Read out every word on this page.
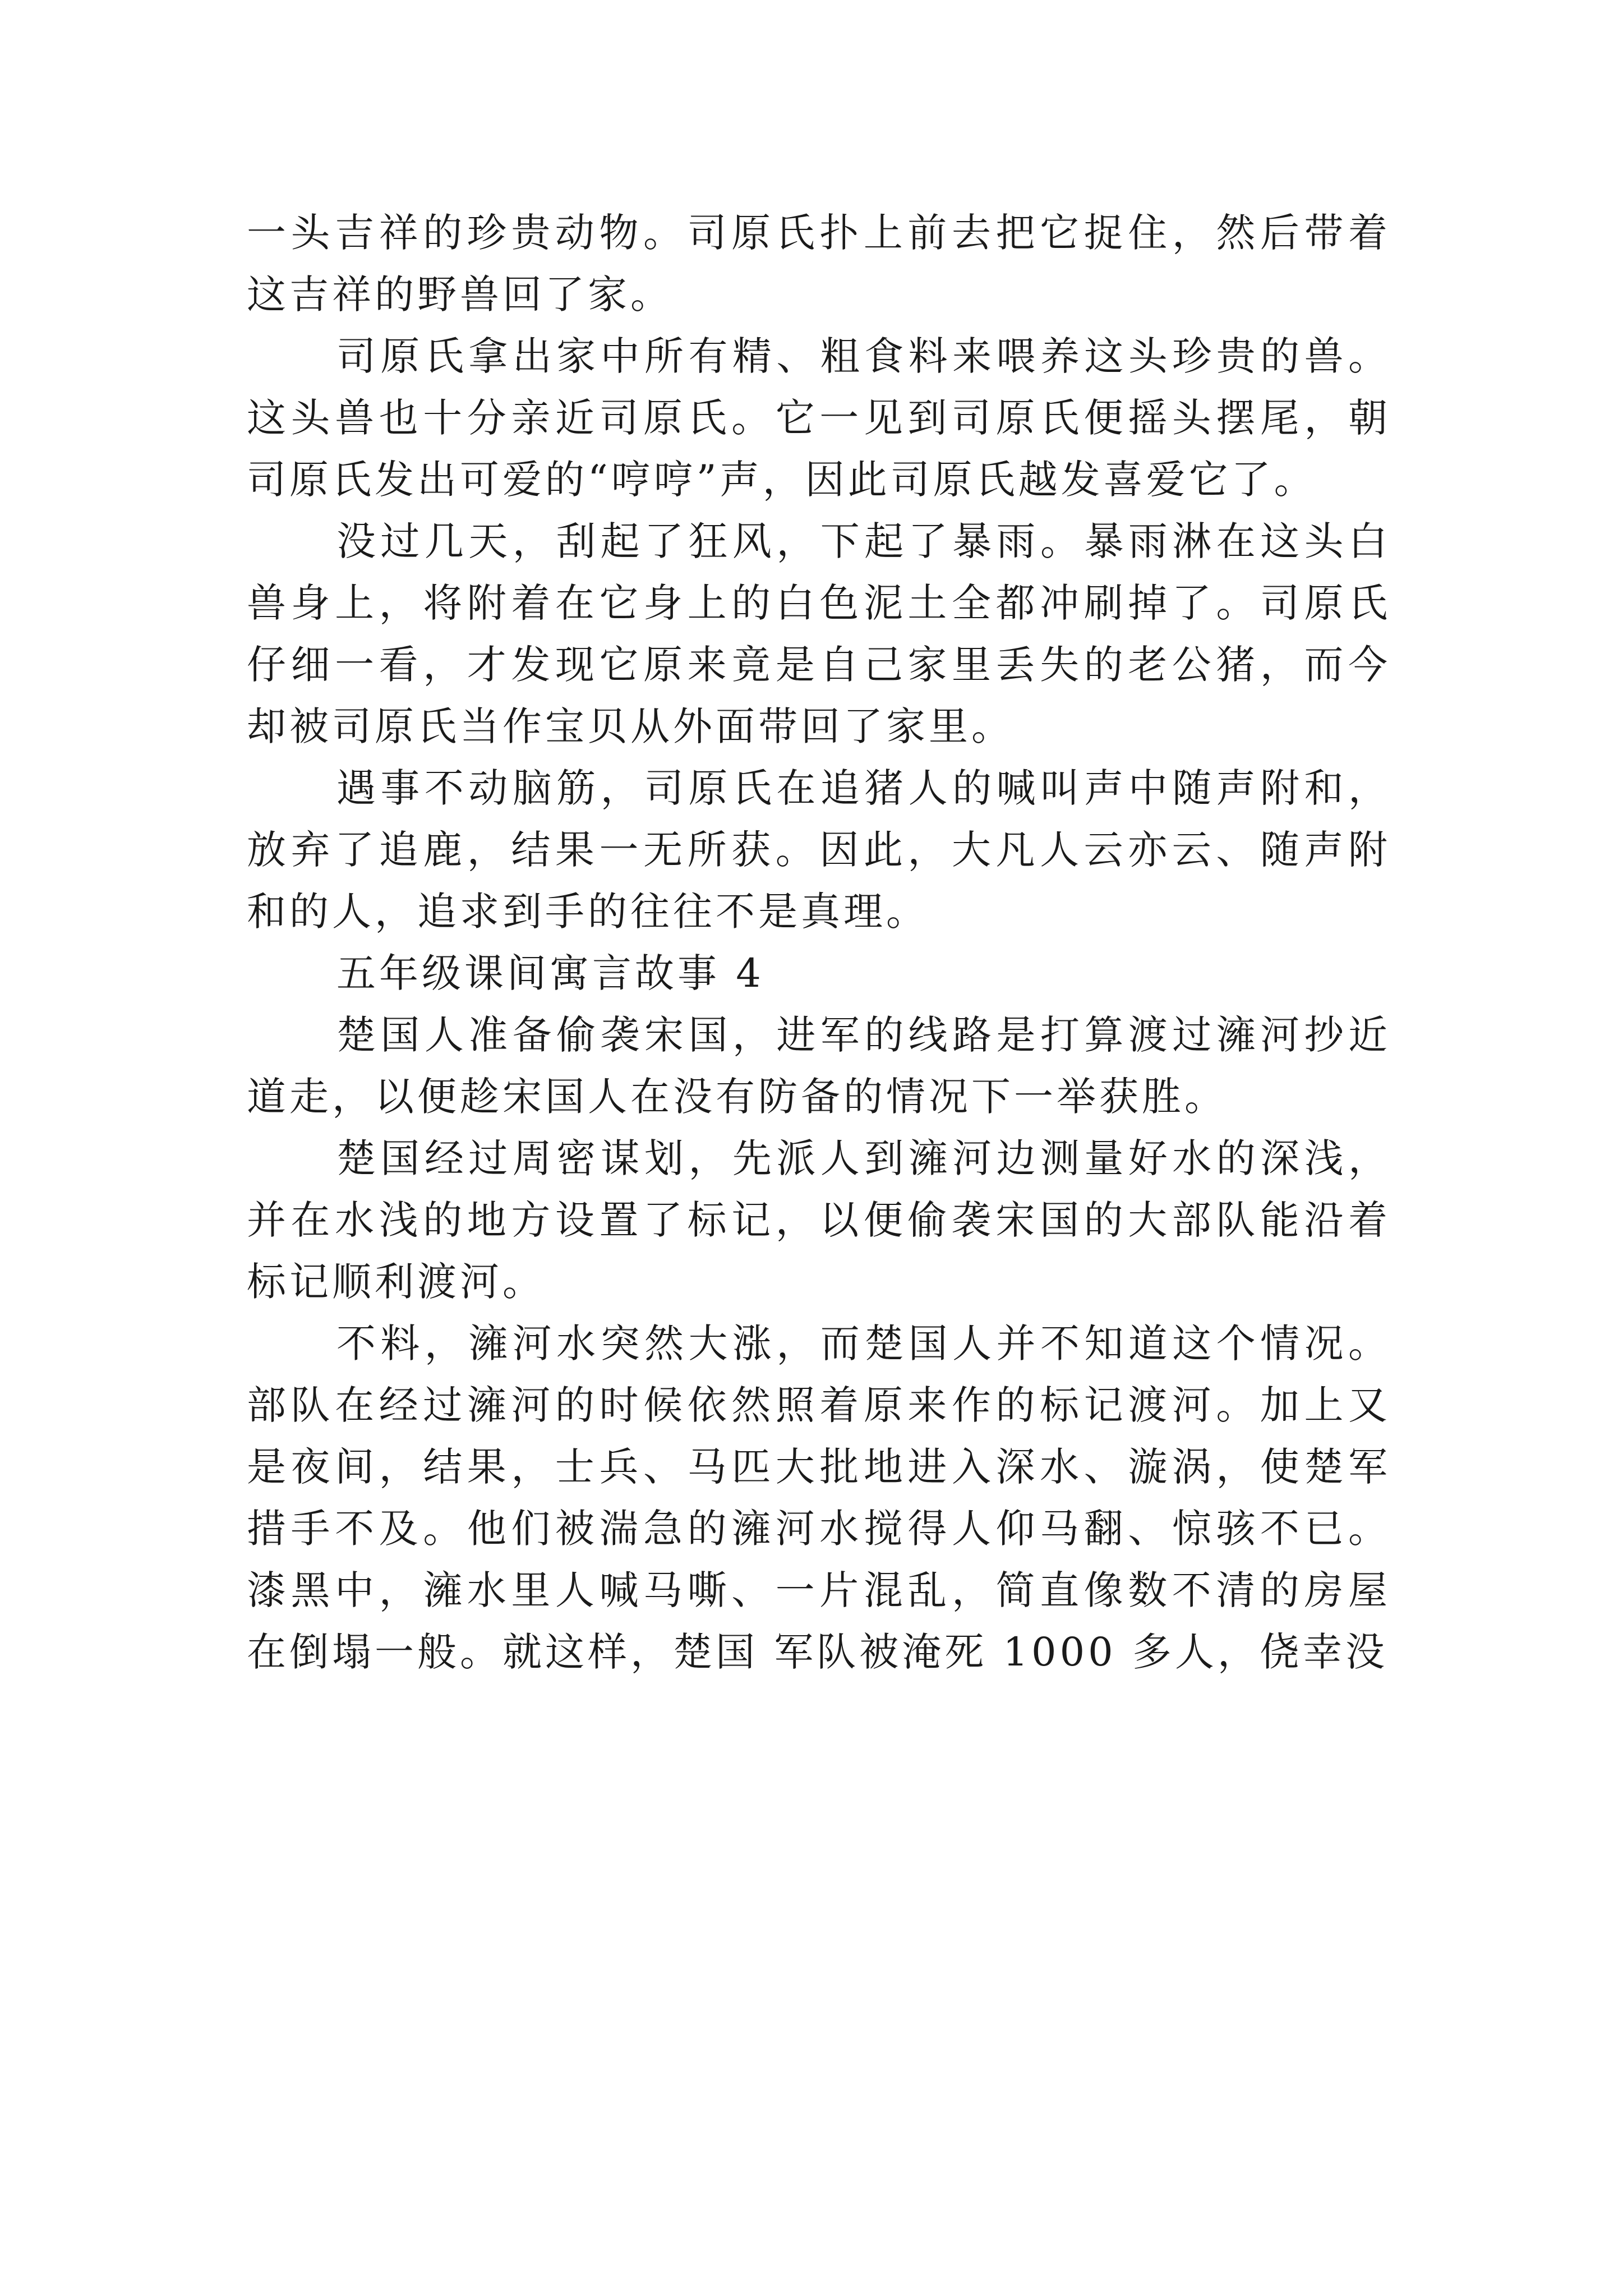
一头吉祥的珍贵动物。司原氏扑上前去把它捉住，然后带着这吉祥的野兽回了家。

司原氏拿出家中所有精、粗食料来喂养这头珍贵的兽。这头兽也十分亲近司原氏。它一见到司原氏便摇头摆尾，朝司原氏发出可爱的“哼哼”声，因此司原氏越发喜爱它了。

没过几天，刮起了狂风，下起了暴雨。暴雨淋在这头白兽身上，将附着在它身上的白色泥土全都冲刷掉了。司原氏仔细一看，才发现它原来竟是自己家里丢失的老公猪，而今却被司原氏当作宝贝从外面带回了家里。

遇事不动脑筋，司原氏在追猪人的喊叫声中随声附和，放弃了追鹿，结果一无所获。因此，大凡人云亦云、随声附和的人，追求到手的往往不是真理。

五年级课间寓言故事 4

楚国人准备偷袭宋国，进军的线路是打算渡过澭河抄近道走，以便趁宋国人在没有防备的情况下一举获胜。

楚国经过周密谋划，先派人到澭河边测量好水的深浅，并在水浅的地方设置了标记，以便偷袭宋国的大部队能沿着标记顺利渡河。

不料，澭河水突然大涨，而楚国人并不知道这个情况。部队在经过澭河的时候依然照着原来作的标记渡河。加上又是夜间，结果，士兵、马匹大批地进入深水、漩涡，使楚军措手不及。他们被湍急的澭河水搅得人仰马翻、惊骇不已。漆黑中，澭水里人喊马嘶、一片混乱，简直像数不清的房屋在倒塌一般。就这样，楚国 军队被淹死 1000 多人，侥幸没
